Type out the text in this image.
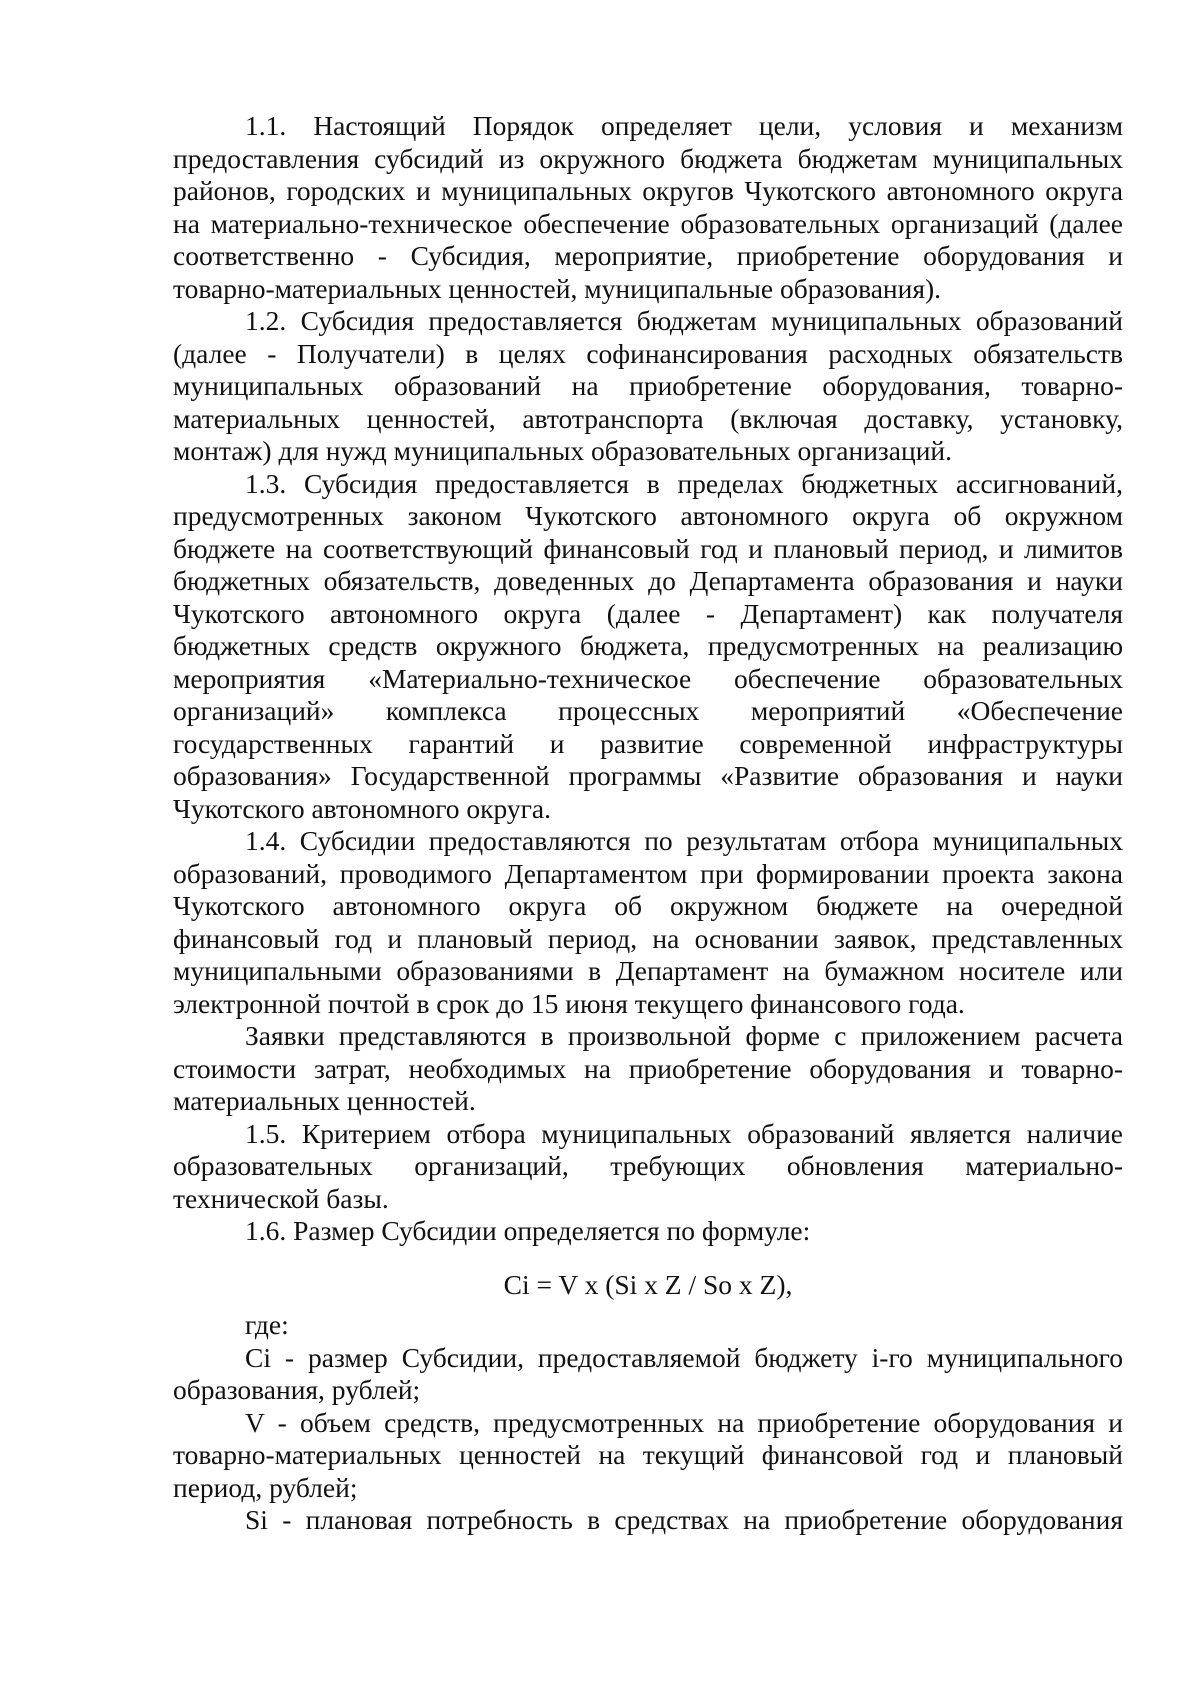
1.1. Настоящий Порядок определяет цели, условия и механизм предоставления субсидий из окружного бюджета бюджетам муниципальных районов, городских и муниципальных округов Чукотского автономного округа на материально-техническое обеспечение образовательных организаций (далее соответственно - Субсидия, мероприятие, приобретение оборудования и товарно-материальных ценностей, муниципальные образования).

1.2. Субсидия предоставляется бюджетам муниципальных образований (далее - Получатели) в целях софинансирования расходных обязательств муниципальных образований на приобретение оборудования, товарно-материальных ценностей, автотранспорта (включая доставку, установку, монтаж) для нужд муниципальных образовательных организаций.

1.3. Субсидия предоставляется в пределах бюджетных ассигнований, предусмотренных законом Чукотского автономного округа об окружном бюджете на соответствующий финансовый год и плановый период, и лимитов бюджетных обязательств, доведенных до Департамента образования и науки Чукотского автономного округа (далее - Департамент) как получателя бюджетных средств окружного бюджета, предусмотренных на реализацию мероприятия «Материально-техническое обеспечение образовательных организаций» комплекса процессных мероприятий «Обеспечение государственных гарантий и развитие современной инфраструктуры образования» Государственной программы «Развитие образования и науки Чукотского автономного округа.

1.4. Субсидии предоставляются по результатам отбора муниципальных образований, проводимого Департаментом при формировании проекта закона Чукотского автономного округа об окружном бюджете на очередной финансовый год и плановый период, на основании заявок, представленных муниципальными образованиями в Департамент на бумажном носителе или электронной почтой в срок до 15 июня текущего финансового года.

Заявки представляются в произвольной форме с приложением расчета стоимости затрат, необходимых на приобретение оборудования и товарно-материальных ценностей.

1.5. Критерием отбора муниципальных образований является наличие образовательных организаций, требующих обновления материально-технической базы.

1.6. Размер Субсидии определяется по формуле:

Ci = V x (Si x Z / So x Z),

где:

Ci - размер Субсидии, предоставляемой бюджету i-го муниципального образования, рублей;

V - объем средств, предусмотренных на приобретение оборудования и товарно-материальных ценностей на текущий финансовой год и плановый период, рублей;

Si - плановая потребность в средствах на приобретение оборудования
